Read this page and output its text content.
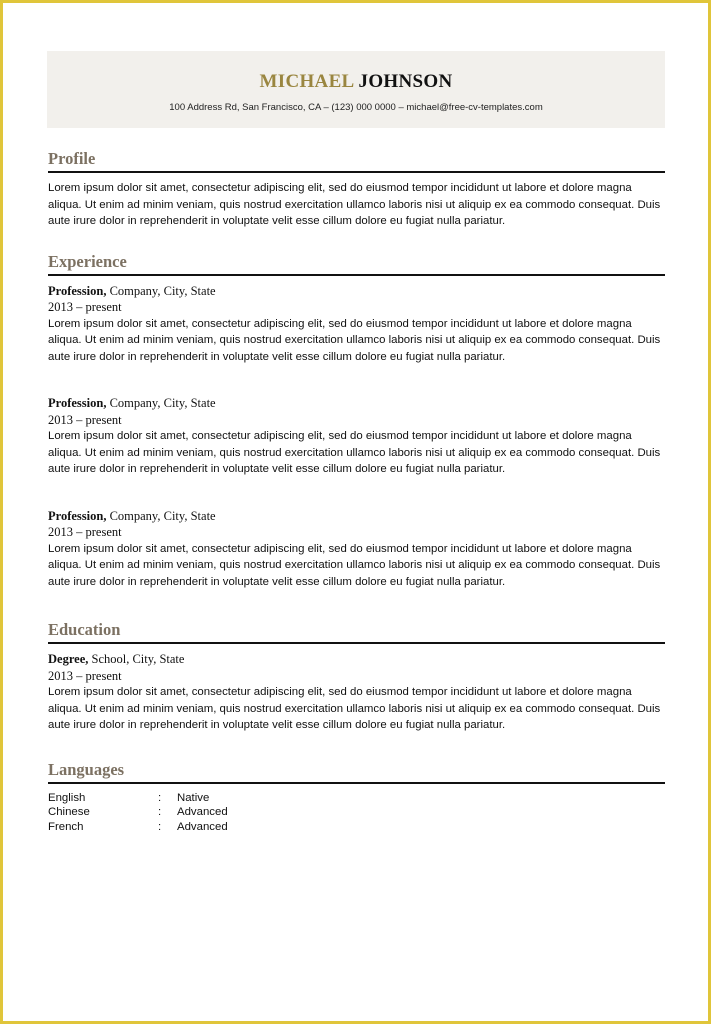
MICHAEL JOHNSON
100 Address Rd, San Francisco, CA – (123) 000 0000 – michael@free-cv-templates.com
Profile
Lorem ipsum dolor sit amet, consectetur adipiscing elit, sed do eiusmod tempor incididunt ut labore et dolore magna aliqua. Ut enim ad minim veniam, quis nostrud exercitation ullamco laboris nisi ut aliquip ex ea commodo consequat. Duis aute irure dolor in reprehenderit in voluptate velit esse cillum dolore eu fugiat nulla pariatur.
Experience
Profession, Company, City, State
2013 – present
Lorem ipsum dolor sit amet, consectetur adipiscing elit, sed do eiusmod tempor incididunt ut labore et dolore magna aliqua. Ut enim ad minim veniam, quis nostrud exercitation ullamco laboris nisi ut aliquip ex ea commodo consequat. Duis aute irure dolor in reprehenderit in voluptate velit esse cillum dolore eu fugiat nulla pariatur.
Profession, Company, City, State
2013 – present
Lorem ipsum dolor sit amet, consectetur adipiscing elit, sed do eiusmod tempor incididunt ut labore et dolore magna aliqua. Ut enim ad minim veniam, quis nostrud exercitation ullamco laboris nisi ut aliquip ex ea commodo consequat. Duis aute irure dolor in reprehenderit in voluptate velit esse cillum dolore eu fugiat nulla pariatur.
Profession, Company, City, State
2013 – present
Lorem ipsum dolor sit amet, consectetur adipiscing elit, sed do eiusmod tempor incididunt ut labore et dolore magna aliqua. Ut enim ad minim veniam, quis nostrud exercitation ullamco laboris nisi ut aliquip ex ea commodo consequat. Duis aute irure dolor in reprehenderit in voluptate velit esse cillum dolore eu fugiat nulla pariatur.
Education
Degree, School, City, State
2013 – present
Lorem ipsum dolor sit amet, consectetur adipiscing elit, sed do eiusmod tempor incididunt ut labore et dolore magna aliqua. Ut enim ad minim veniam, quis nostrud exercitation ullamco laboris nisi ut aliquip ex ea commodo consequat. Duis aute irure dolor in reprehenderit in voluptate velit esse cillum dolore eu fugiat nulla pariatur.
Languages
English	:	Native
Chinese	:	Advanced
French	:	Advanced
